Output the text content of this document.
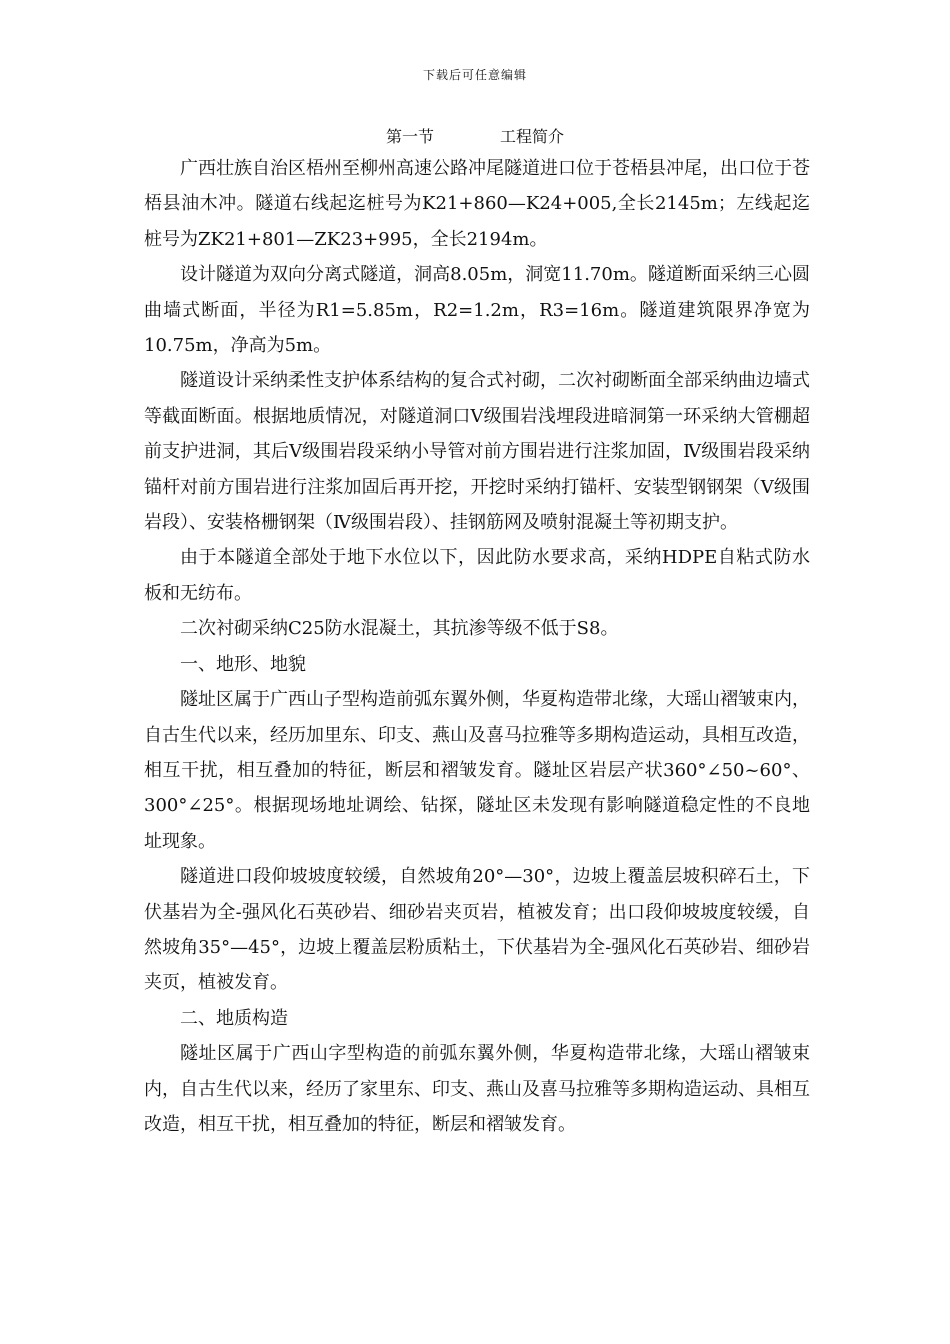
下载后可任意编辑
第一节	工程简介

广西壮族自治区梧州至柳州高速公路冲尾隧道进口位于苍梧县冲尾，出口位于苍梧县油木冲。隧道右线起迄桩号为K21+860—K24+005,全长2145m；左线起迄桩号为ZK21+801—ZK23+995，全长2194m。

设计隧道为双向分离式隧道，洞高8.05m，洞宽11.70m。隧道断面采纳三心圆曲墙式断面，半径为R1=5.85m，R2=1.2m，R3=16m。隧道建筑限界净宽为10.75m，净高为5m。

隧道设计采纳柔性支护体系结构的复合式衬砌，二次衬砌断面全部采纳曲边墙式等截面断面。根据地质情况，对隧道洞口Ⅴ级围岩浅埋段进暗洞第一环采纳大管棚超前支护进洞，其后Ⅴ级围岩段采纳小导管对前方围岩进行注浆加固，Ⅳ级围岩段采纳锚杆对前方围岩进行注浆加固后再开挖，开挖时采纳打锚杆、安装型钢钢架（Ⅴ级围岩段）、安装格栅钢架（Ⅳ级围岩段）、挂钢筋网及喷射混凝土等初期支护。

由于本隧道全部处于地下水位以下，因此防水要求高，采纳HDPE自粘式防水板和无纺布。

二次衬砌采纳C25防水混凝土，其抗渗等级不低于S8。

一、地形、地貌

隧址区属于广西山子型构造前弧东翼外侧，华夏构造带北缘，大瑶山褶皱束内，自古生代以来，经历加里东、印支、燕山及喜马拉雅等多期构造运动，具相互改造，相互干扰，相互叠加的特征，断层和褶皱发育。隧址区岩层产状360°∠50~60°、300°∠25°。根据现场地址调绘、钻探，隧址区未发现有影响隧道稳定性的不良地址现象。

隧道进口段仰坡坡度较缓，自然坡角20°—30°，边坡上覆盖层坡积碎石土，下伏基岩为全-强风化石英砂岩、细砂岩夹页岩，植被发育；出口段仰坡坡度较缓，自然坡角35°—45°，边坡上覆盖层粉质粘土，下伏基岩为全-强风化石英砂岩、细砂岩夹页，植被发育。

二、地质构造

隧址区属于广西山字型构造的前弧东翼外侧，华夏构造带北缘，大瑶山褶皱束内，自古生代以来，经历了家里东、印支、燕山及喜马拉雅等多期构造运动、具相互改造，相互干扰，相互叠加的特征，断层和褶皱发育。
